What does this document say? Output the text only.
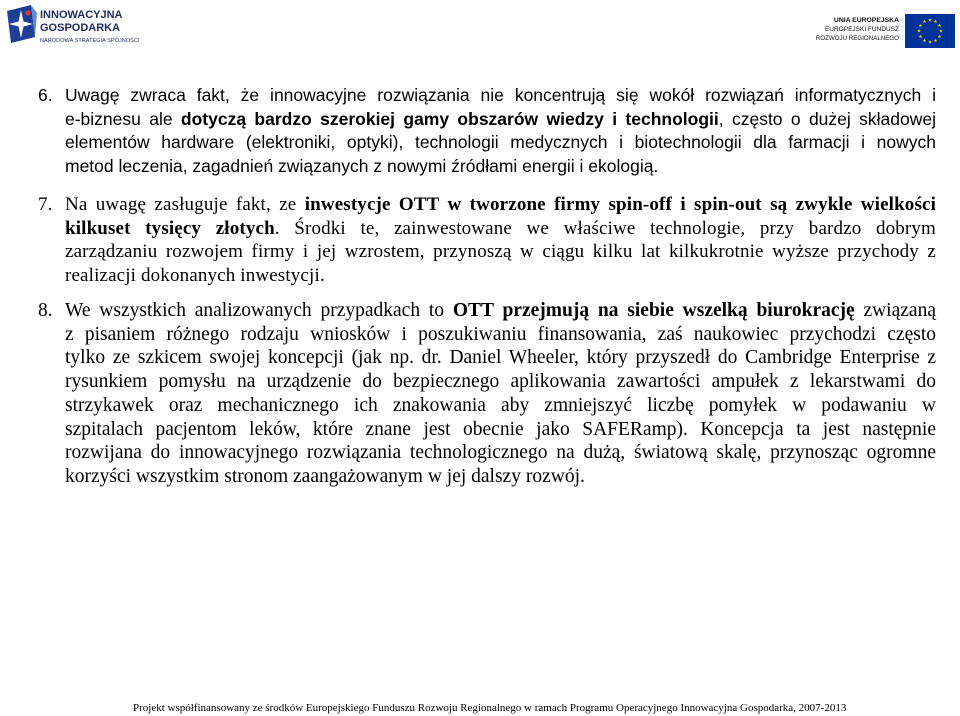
INNOWACYJNA
GOSPODARKA
NARODOWA STRATEGIA SPÓJNOŚCI
UNIA EUROPEJSKA
EUROPEJSKI FUNDUSZ
ROZWOJU REGIONALNEGO
6. Uwagę zwraca fakt, że innowacyjne rozwiązania nie koncentrują się wokół rozwiązań informatycznych i
e-biznesu ale dotyczą bardzo szerokiej gamy obszarów wiedzy i technologii, często o dużej składowej
elementów hardware (elektroniki, optyki), technologii medycznych i biotechnologii dla farmacji i nowych
metod leczenia, zagadnień związanych z nowymi źródłami energii i ekologią.
7. Na uwagę zasługuje fakt, ze inwestycje OTT w tworzone firmy spin-off i spin-out są zwykle wielkości
kilkuset tysięcy złotych. Środki te, zainwestowane we właściwe technologie, przy bardzo dobrym
zarządzaniu rozwojem firmy i jej wzrostem, przynoszą w ciągu kilku lat kilkukrotnie wyższe przychody z
realizacji dokonanych inwestycji.
8. We wszystkich analizowanych przypadkach to OTT przejmują na siebie wszelką biurokrację związaną
z pisaniem różnego rodzaju wniosków i poszukiwaniu finansowania, zaś naukowiec przychodzi często
tylko ze szkicem swojej koncepcji (jak np. dr. Daniel Wheeler, który przyszedł do Cambridge Enterprise z
rysunkiem pomysłu na urządzenie do bezpiecznego aplikowania zawartości ampułek z lekarstwami do
strzykawek oraz mechanicznego ich znakowania aby zmniejszyć liczbę pomyłek w podawaniu w
szpitalach pacjentom leków, które znane jest obecnie jako SAFERamp). Koncepcja ta jest następnie
rozwijana do innowacyjnego rozwiązania technologicznego na dużą, światową skalę, przynosząc ogromne
korzyści wszystkim stronom zaangażowanym w jej dalszy rozwój.
Projekt współfinansowany ze środków Europejskiego Funduszu Rozwoju Regionalnego w ramach Programu Operacyjnego Innowacyjna Gospodarka, 2007-2013
